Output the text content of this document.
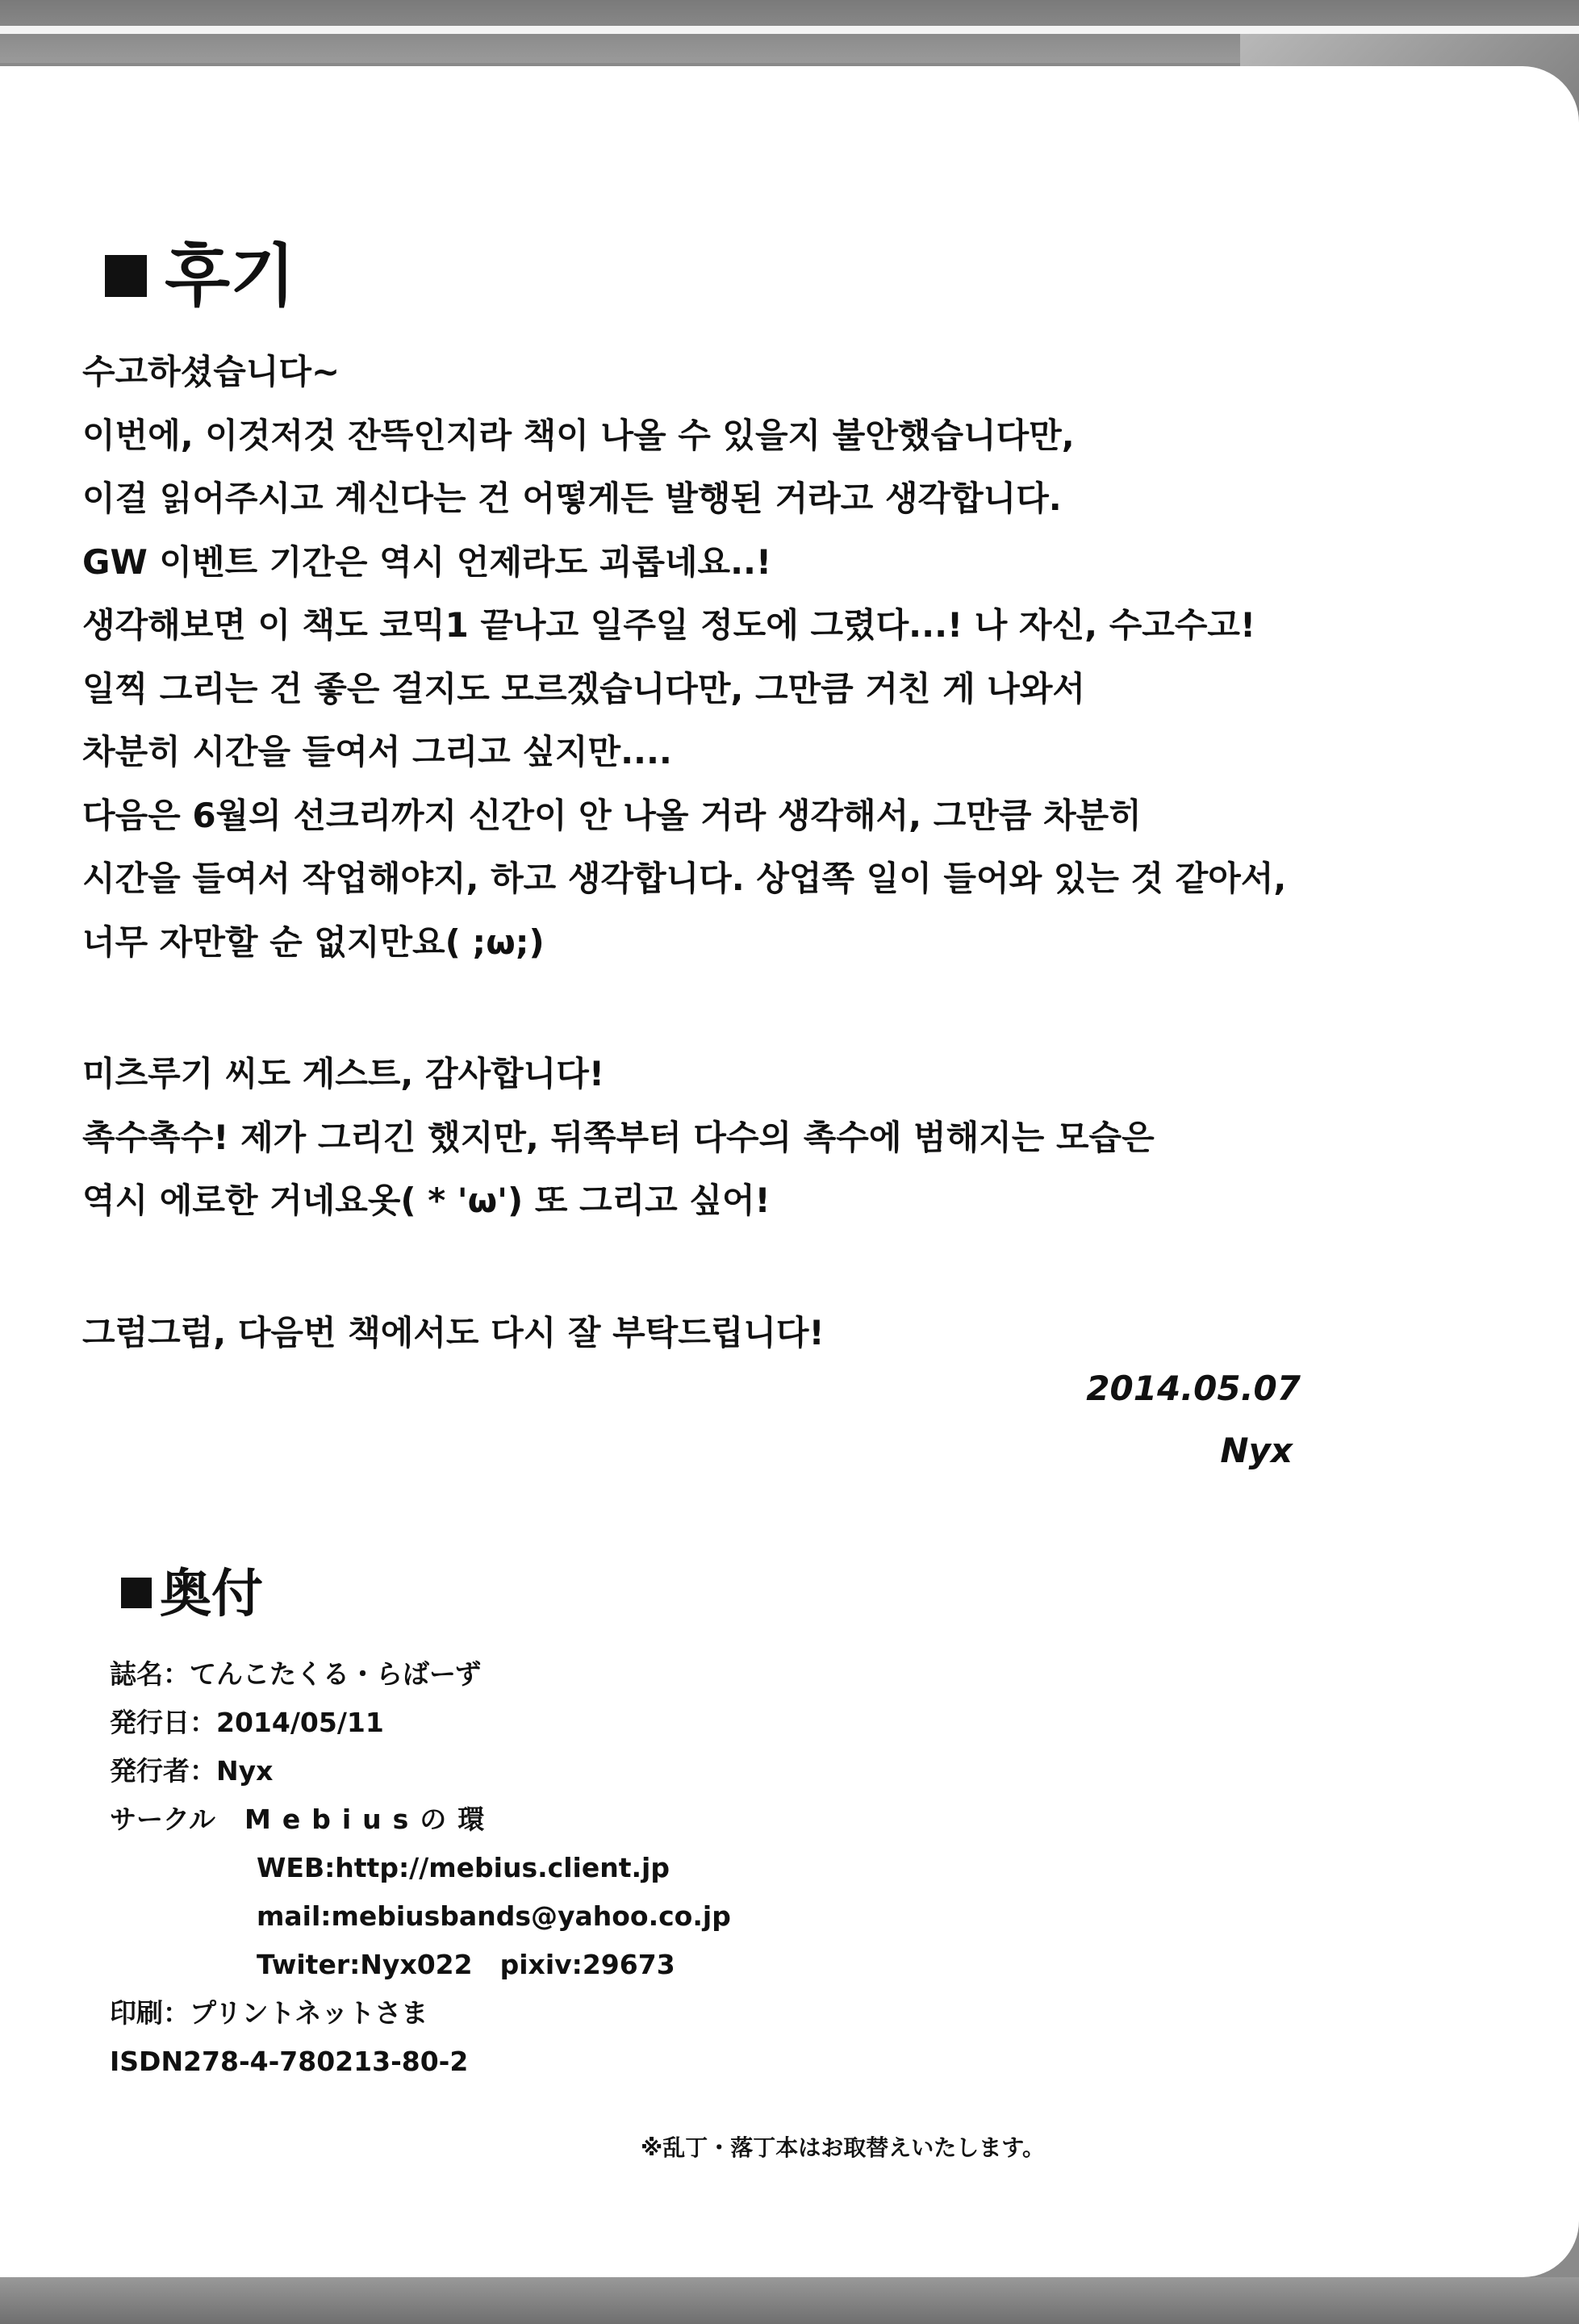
후기
수고하셨습니다~
이번에, 이것저것 잔뜩인지라 책이 나올 수 있을지 불안했습니다만,
이걸 읽어주시고 계신다는 건 어떻게든 발행된 거라고 생각합니다.
GW 이벤트 기간은 역시 언제라도 괴롭네요..!
생각해보면 이 책도 코믹1 끝나고 일주일 정도에 그렸다...! 나 자신, 수고수고!
일찍 그리는 건 좋은 걸지도 모르겠습니다만, 그만큼 거친 게 나와서
차분히 시간을 들여서 그리고 싶지만....
다음은 6월의 선크리까지 신간이 안 나올 거라 생각해서, 그만큼 차분히
시간을 들여서 작업해야지, 하고 생각합니다. 상업쪽 일이 들어와 있는 것 같아서,
너무 자만할 순 없지만요( ;ω;)
미츠루기 씨도 게스트, 감사합니다!
촉수촉수! 제가 그리긴 했지만, 뒤쪽부터 다수의 촉수에 범해지는 모습은
역시 에로한 거네요옷( * 'ω') 또 그리고 싶어!
그럼그럼, 다음번 책에서도 다시 잘 부탁드립니다!
2014.05.07
Nyx
奥付
誌名：てんこたくる・らばーず
発行日：2014/05/11
発行者：Nyx
サークル Mebiusの環
WEB:http://mebius.client.jp
mail:mebiusbands@yahoo.co.jp
Twiter:Nyx022 pixiv:29673
印刷：プリントネットさま
ISDN278-4-780213-80-2
※乱丁・落丁本はお取替えいたします。
